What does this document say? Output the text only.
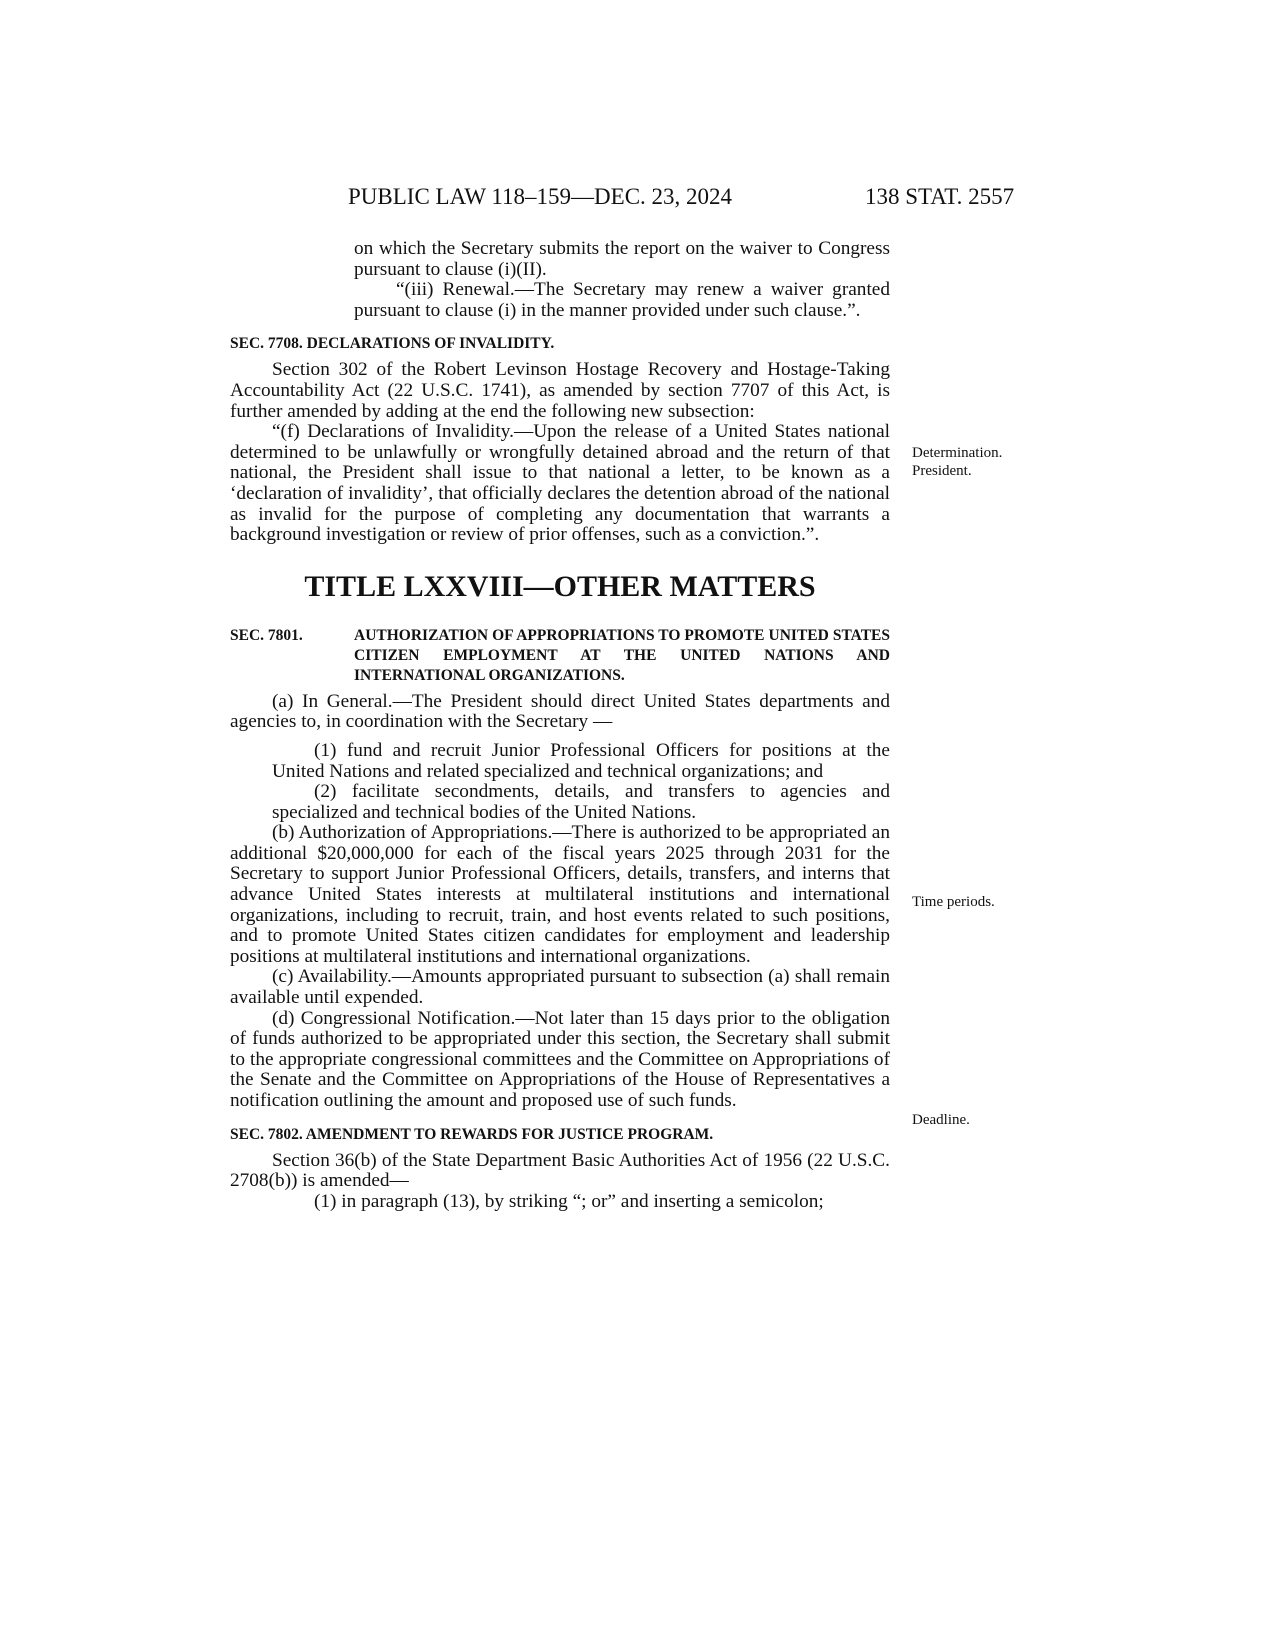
PUBLIC LAW 118–159—DEC. 23, 2024	138 STAT. 2557

on which the Secretary submits the report on the waiver to Congress pursuant to clause (i)(II).

“(iii) Renewal.—The Secretary may renew a waiver granted pursuant to clause (i) in the manner provided under such clause.”.

SEC. 7708. DECLARATIONS OF INVALIDITY.

Section 302 of the Robert Levinson Hostage Recovery and Hostage-Taking Accountability Act (22 U.S.C. 1741), as amended by section 7707 of this Act, is further amended by adding at the end the following new subsection:

“(f) Declarations of Invalidity.—Upon the release of a United States national determined to be unlawfully or wrongfully detained abroad and the return of that national, the President shall issue to that national a letter, to be known as a ‘declaration of invalidity’, that officially declares the detention abroad of the national as invalid for the purpose of completing any documentation that warrants a background investigation or review of prior offenses, such as a conviction.”.

TITLE LXXVIII—OTHER MATTERS
SEC. 7801.	AUTHORIZATION OF APPROPRIATIONS TO PROMOTE UNITED STATES CITIZEN EMPLOYMENT AT THE UNITED NATIONS AND INTERNATIONAL ORGANIZATIONS.

(a) In General.—The President should direct United States departments and agencies to, in coordination with the Secretary —

(1) fund and recruit Junior Professional Officers for positions at the United Nations and related specialized and technical organizations; and

(2) facilitate secondments, details, and transfers to agencies and specialized and technical bodies of the United Nations.

(b) Authorization of Appropriations.—There is authorized to be appropriated an additional $20,000,000 for each of the fiscal years 2025 through 2031 for the Secretary to support Junior Professional Officers, details, transfers, and interns that advance United States interests at multilateral institutions and international organizations, including to recruit, train, and host events related to such positions, and to promote United States citizen candidates for employment and leadership positions at multilateral institutions and international organizations.

(c) Availability.—Amounts appropriated pursuant to subsection (a) shall remain available until expended.

(d) Congressional Notification.—Not later than 15 days prior to the obligation of funds authorized to be appropriated under this section, the Secretary shall submit to the appropriate congressional committees and the Committee on Appropriations of the Senate and the Committee on Appropriations of the House of Representatives a notification outlining the amount and proposed use of such funds.

SEC. 7802. AMENDMENT TO REWARDS FOR JUSTICE PROGRAM.

Section 36(b) of the State Department Basic Authorities Act of 1956 (22 U.S.C. 2708(b)) is amended—

(1) in paragraph (13), by striking “; or” and inserting a semicolon;

Determination.
President.
Time periods.
Deadline.
